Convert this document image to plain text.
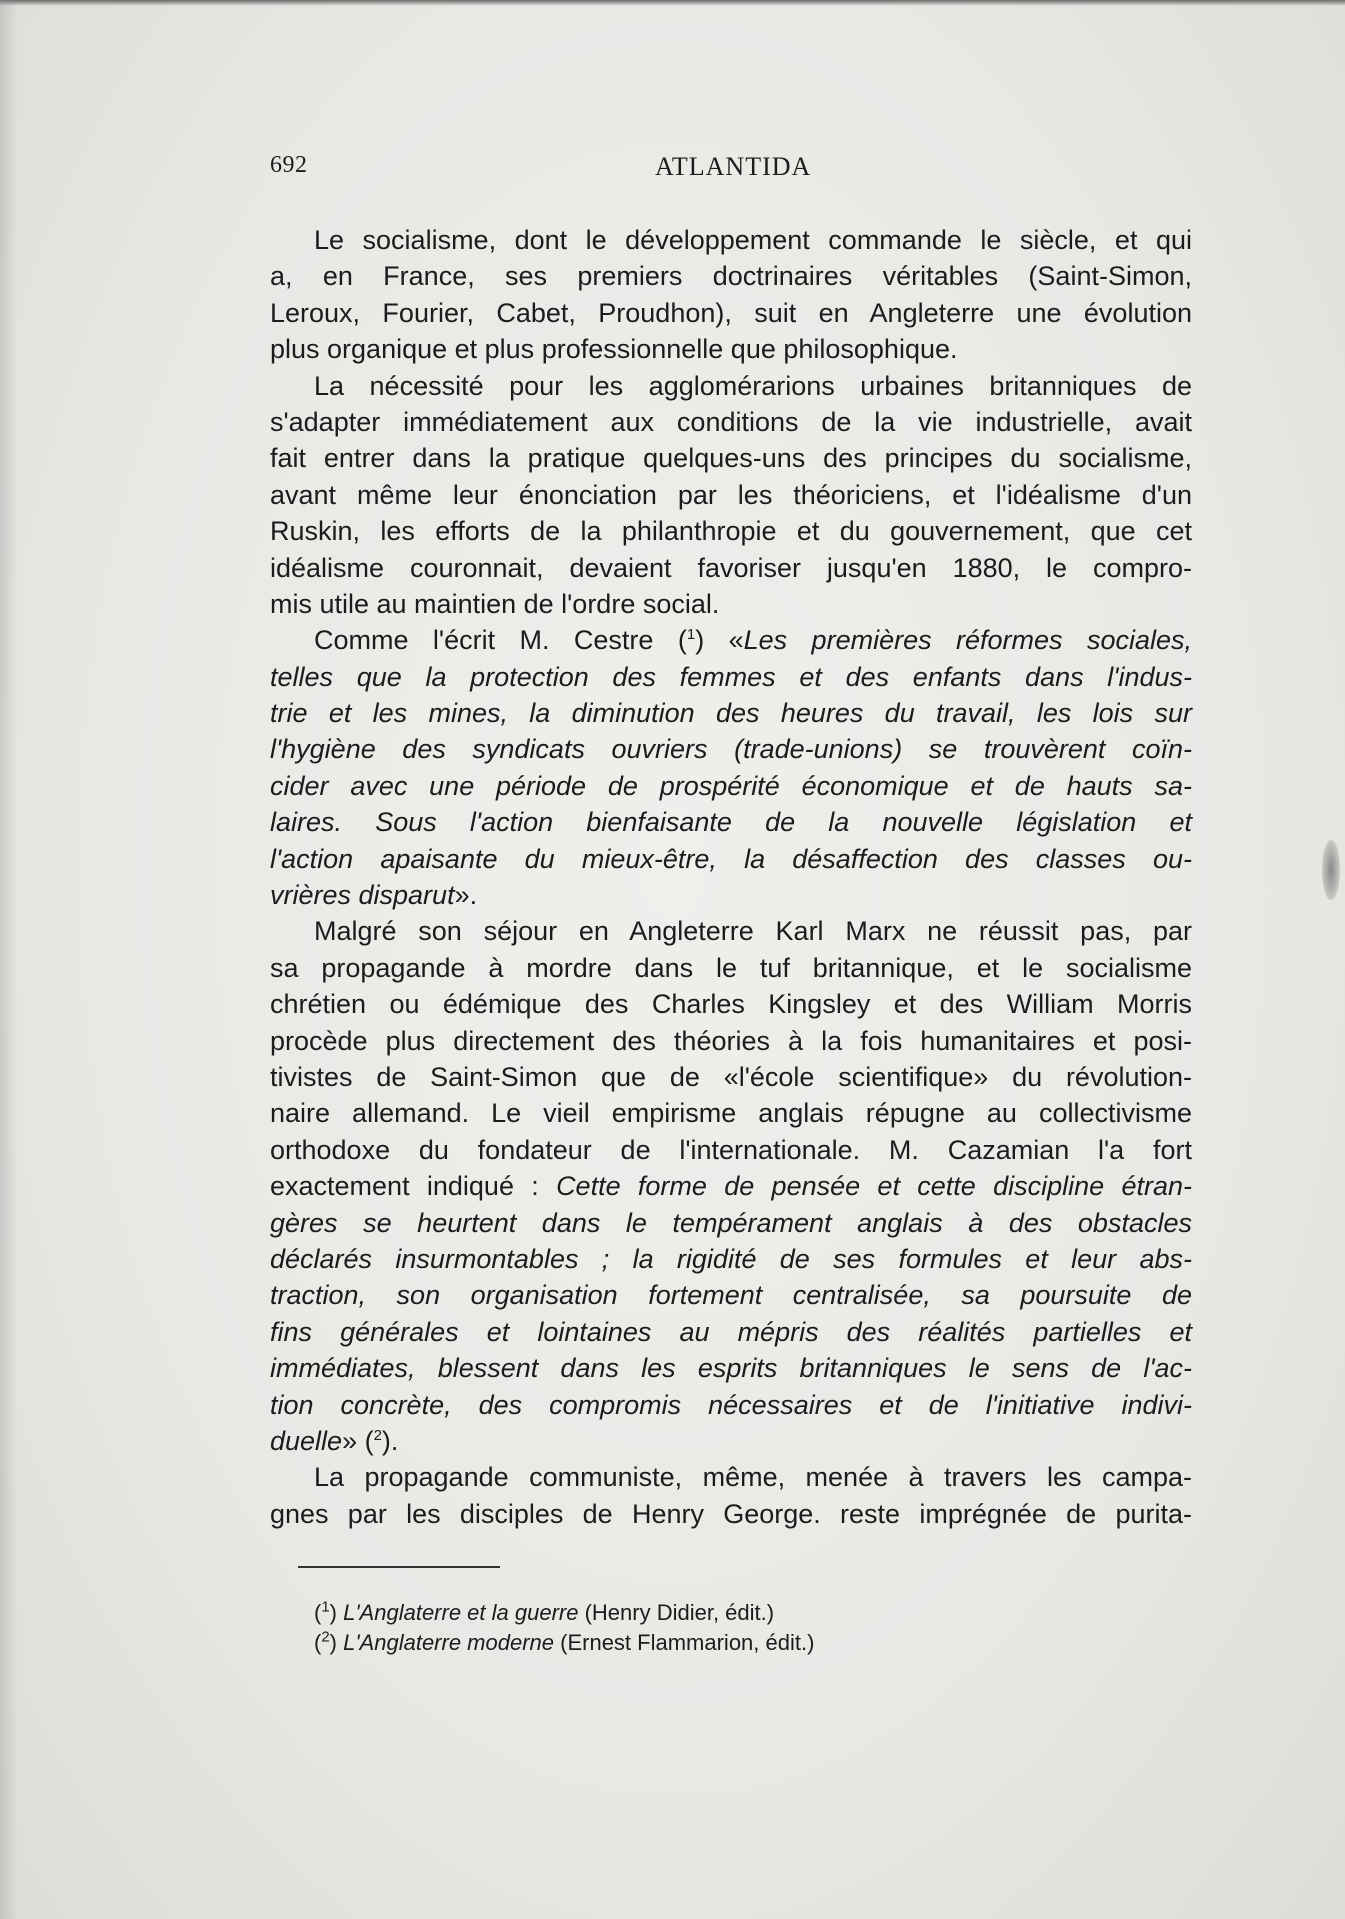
692	ATLANTIDA
Le socialisme, dont le développement commande le siècle, et qui
a, en France, ses premiers doctrinaires véritables (Saint-Simon,
Leroux, Fourier, Cabet, Proudhon), suit en Angleterre une évolution
plus organique et plus professionnelle que philosophique.
La nécessité pour les agglomérarions urbaines britanniques de
s'adapter immédiatement aux conditions de la vie industrielle, avait
fait entrer dans la pratique quelques-uns des principes du socialisme,
avant même leur énonciation par les théoriciens, et l'idéalisme d'un
Ruskin, les efforts de la philanthropie et du gouvernement, que cet
idéalisme couronnait, devaient favoriser jusqu'en 1880, le compro-
mis utile au maintien de l'ordre social.
Comme l'écrit M. Cestre ($^1$) «Les premières réformes sociales,
telles que la protection des femmes et des enfants dans l'indus-
trie et les mines, la diminution des heures du travail, les lois sur
l'hygiène des syndicats ouvriers (trade-unions) se trouvèrent coïn-
cider avec une période de prospérité économique et de hauts sa-
laires. Sous l'action bienfaisante de la nouvelle législation et
l'action apaisante du mieux-être, la désaffection des classes ou-
vrières disparut».
Malgré son séjour en Angleterre Karl Marx ne réussit pas, par
sa propagande à mordre dans le tuf britannique, et le socialisme
chrétien ou édémique des Charles Kingsley et des William Morris
procède plus directement des théories à la fois humanitaires et posi-
tivistes de Saint-Simon que de «l'école scientifique» du révolution-
naire allemand. Le vieil empirisme anglais répugne au collectivisme
orthodoxe du fondateur de l'internationale. M. Cazamian l'a fort
exactement indiqué : Cette forme de pensée et cette discipline étran-
gères se heurtent dans le tempérament anglais à des obstacles
déclarés insurmontables ; la rigidité de ses formules et leur abs-
traction, son organisation fortement centralisée, sa poursuite de
fins générales et lointaines au mépris des réalités partielles et
immédiates, blessent dans les esprits britanniques le sens de l'ac-
tion concrète, des compromis nécessaires et de l'initiative indivi-
duelle» ($^2$).
La propagande communiste, même, menée à travers les campa-
gnes par les disciples de Henry George. reste imprégnée de purita-
($^1$) L'Anglaterre et la guerre (Henry Didier, édit.)
($^2$) L'Anglaterre moderne (Ernest Flammarion, édit.)
